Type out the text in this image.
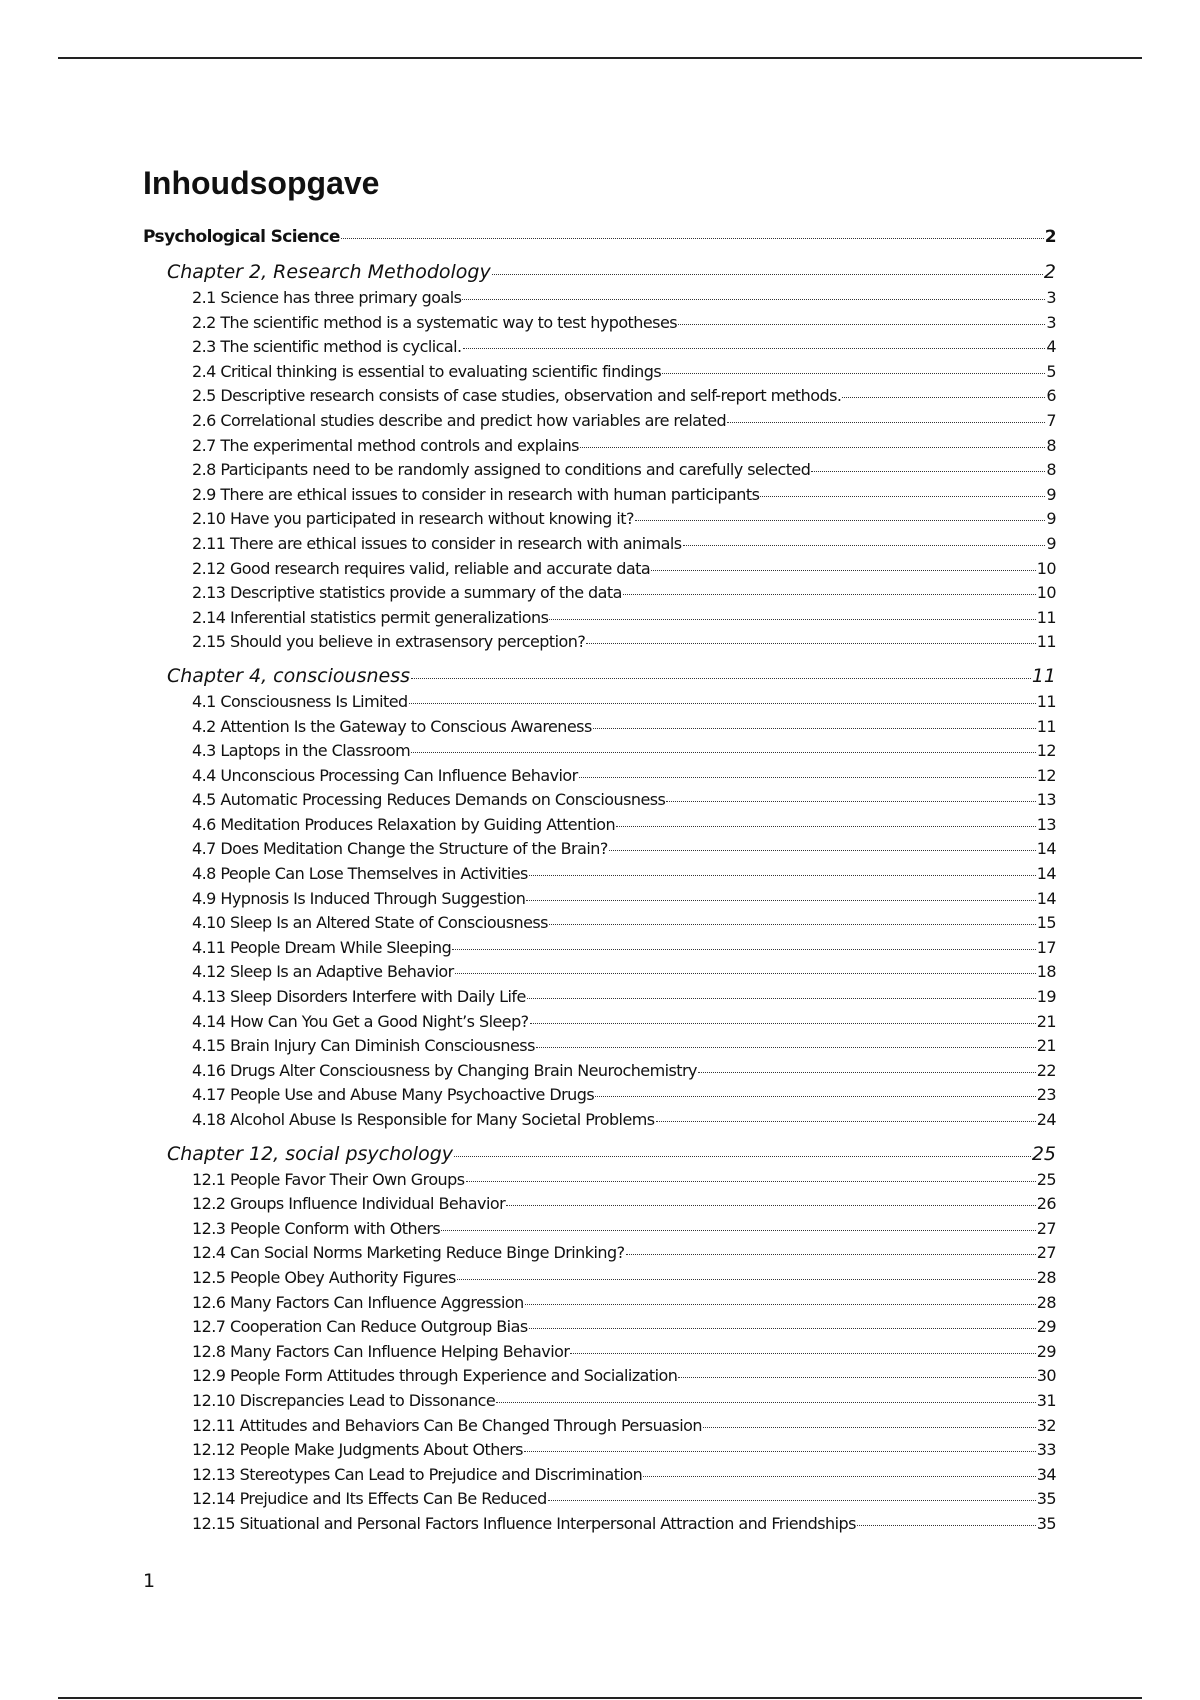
Inhoudsopgave
Psychological Science	2
Chapter 2, Research Methodology	2
2.1 Science has three primary goals	3
2.2 The scientific method is a systematic way to test hypotheses	3
2.3 The scientific method is cyclical.	4
2.4 Critical thinking is essential to evaluating scientific findings	5
2.5 Descriptive research consists of case studies, observation and self-report methods.	6
2.6 Correlational studies describe and predict how variables are related	7
2.7 The experimental method controls and explains	8
2.8 Participants need to be randomly assigned to conditions and carefully selected	8
2.9 There are ethical issues to consider in research with human participants	9
2.10 Have you participated in research without knowing it?	9
2.11 There are ethical issues to consider in research with animals	9
2.12 Good research requires valid, reliable and accurate data	10
2.13 Descriptive statistics provide a summary of the data	10
2.14 Inferential statistics permit generalizations	11
2.15 Should you believe in extrasensory perception?	11
Chapter 4, consciousness	11
4.1 Consciousness Is Limited	11
4.2 Attention Is the Gateway to Conscious Awareness	11
4.3 Laptops in the Classroom	12
4.4 Unconscious Processing Can Influence Behavior	12
4.5 Automatic Processing Reduces Demands on Consciousness	13
4.6 Meditation Produces Relaxation by Guiding Attention	13
4.7 Does Meditation Change the Structure of the Brain?	14
4.8 People Can Lose Themselves in Activities	14
4.9 Hypnosis Is Induced Through Suggestion	14
4.10 Sleep Is an Altered State of Consciousness	15
4.11 People Dream While Sleeping	17
4.12 Sleep Is an Adaptive Behavior	18
4.13 Sleep Disorders Interfere with Daily Life	19
4.14 How Can You Get a Good Night’s Sleep?	21
4.15 Brain Injury Can Diminish Consciousness	21
4.16 Drugs Alter Consciousness by Changing Brain Neurochemistry	22
4.17 People Use and Abuse Many Psychoactive Drugs	23
4.18 Alcohol Abuse Is Responsible for Many Societal Problems	24
Chapter 12, social psychology	25
12.1 People Favor Their Own Groups	25
12.2 Groups Influence Individual Behavior	26
12.3 People Conform with Others	27
12.4 Can Social Norms Marketing Reduce Binge Drinking?	27
12.5 People Obey Authority Figures	28
12.6 Many Factors Can Influence Aggression	28
12.7 Cooperation Can Reduce Outgroup Bias	29
12.8 Many Factors Can Influence Helping Behavior	29
12.9 People Form Attitudes through Experience and Socialization	30
12.10 Discrepancies Lead to Dissonance	31
12.11 Attitudes and Behaviors Can Be Changed Through Persuasion	32
12.12 People Make Judgments About Others	33
12.13 Stereotypes Can Lead to Prejudice and Discrimination	34
12.14 Prejudice and Its Effects Can Be Reduced	35
12.15 Situational and Personal Factors Influence Interpersonal Attraction and Friendships	35
1
